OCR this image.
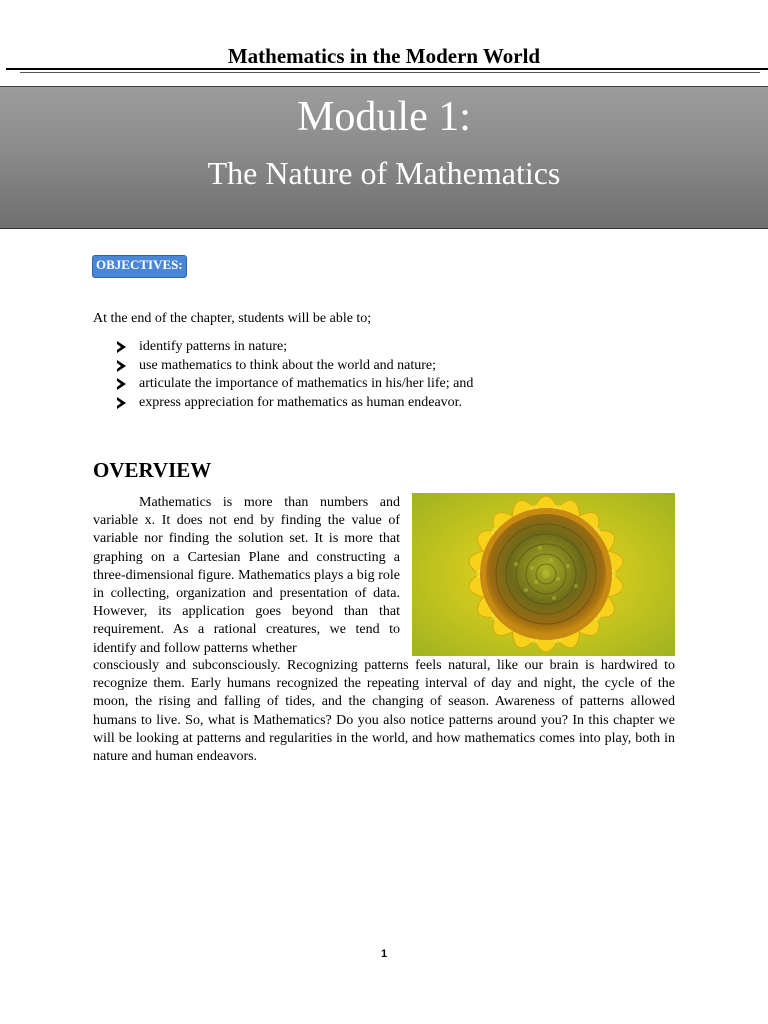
Mathematics in the Modern World
Module 1:
The Nature of Mathematics
OBJECTIVES:
At the end of the chapter, students will be able to;
identify patterns in nature;
use mathematics to think about the world and nature;
articulate the importance of mathematics in his/her life; and
express appreciation for mathematics as human endeavor.
OVERVIEW

Mathematics is more than numbers and variable x. It does not end by finding the value of variable nor finding the solution set. It is more that graphing on a Cartesian Plane and constructing a three-dimensional figure. Mathematics plays a big role in collecting, organization and presentation of data. However, its application goes beyond than that requirement. As a rational creatures, we tend to identify and follow patterns whether

consciously and subconsciously. Recognizing patterns feels natural, like our brain is hardwired to recognize them. Early humans recognized the repeating interval of day and night, the cycle of the moon, the rising and falling of tides, and the changing of season. Awareness of patterns allowed humans to live. So, what is Mathematics? Do you also notice patterns around you? In this chapter we will be looking at patterns and regularities in the world, and how mathematics comes into play, both in nature and human endeavors.
1
